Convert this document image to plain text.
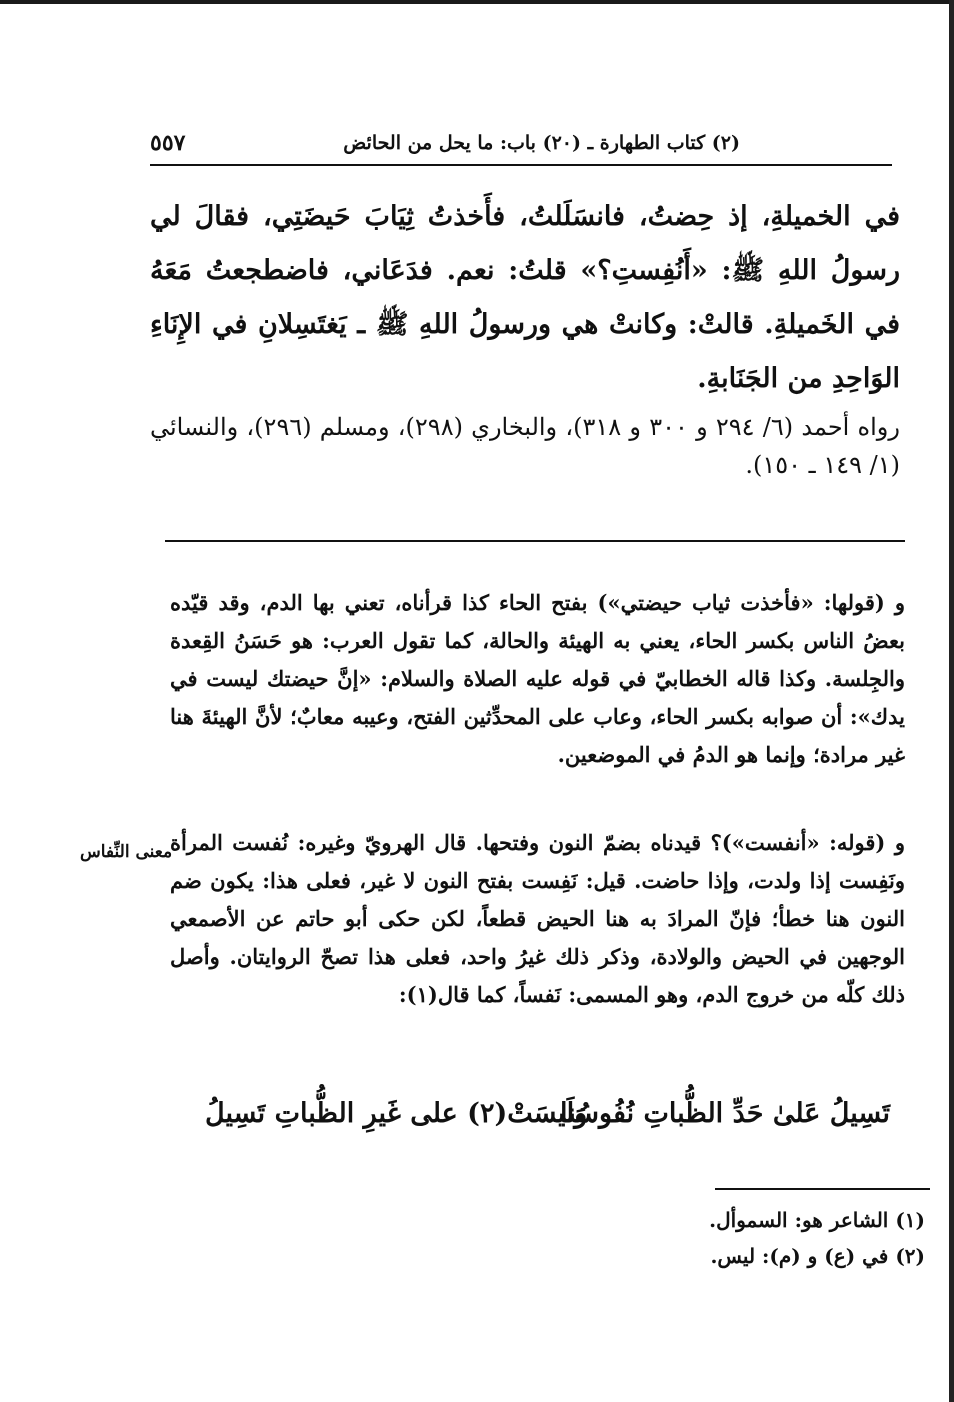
(٢) كتاب الطهارة ـ (٢٠) باب: ما يحل من الحائض
٥٥٧
في الخميلةِ، إذ حِضتُ، فانسَلَلتُ، فأَخذتُ ثِيَابَ حَيضَتِي، فقالَ لي رسولُ اللهِ ﷺ: «أَنُفِستِ؟» قلتُ: نعم. فدَعَاني، فاضطجعتُ مَعَهُ في الخَميلةِ. قالتْ: وكانتْ هي ورسولُ اللهِ ﷺ ـ يَغتَسِلانِ في الإِنَاءِ الوَاحِدِ من الجَنَابةِ.
رواه أحمد (٦/ ٢٩٤ و ٣٠٠ و ٣١٨)، والبخاري (٢٩٨)، ومسلم (٢٩٦)، والنسائي (١/ ١٤٩ ـ ١٥٠).
و (قولها: «فأخذت ثياب حيضتي») بفتح الحاء كذا قرأناه، تعني بها الدم، وقد قيّده بعضُ الناس بكسر الحاء، يعني به الهيئة والحالة، كما تقول العرب: هو حَسَنُ القِعدة والجِلسة. وكذا قاله الخطابيّ في قوله عليه الصلاة والسلام: «إنَّ حيضتك ليست في يدك»: أن صوابه بكسر الحاء، وعاب على المحدِّثين الفتح، وعيبه معابٌ؛ لأنَّ الهيئةَ هنا غير مرادة؛ وإنما هو الدمُ في الموضعين.
معنى النِّفاس
و (قوله: «أنفست»)؟ قيدناه بضمّ النون وفتحها. قال الهرويّ وغيره: نُفست المرأة ونَفِست إذا ولدت، وإذا حاضت. قيل: نَفِست بفتح النون لا غير، فعلى هذا: يكون ضم النون هنا خطأ؛ فإنّ المرادَ به هنا الحيض قطعاً، لكن حكى أبو حاتم عن الأصمعي الوجهين في الحيض والولادة، وذكر ذلك غيرُ واحد، فعلى هذا تصحّ الروايتان. وأصل ذلك كلّه من خروج الدم، وهو المسمى: نَفساً، كما قال(١):
تَسِيلُ عَلىٰ حَدِّ الظُّباتِ نُفُوسُنا
وَلَيسَتْ(٢) على غَيرِ الظُّباتِ تَسِيلُ
(١) الشاعر هو: السموأل.
(٢) في (ع) و (م): ليس.
